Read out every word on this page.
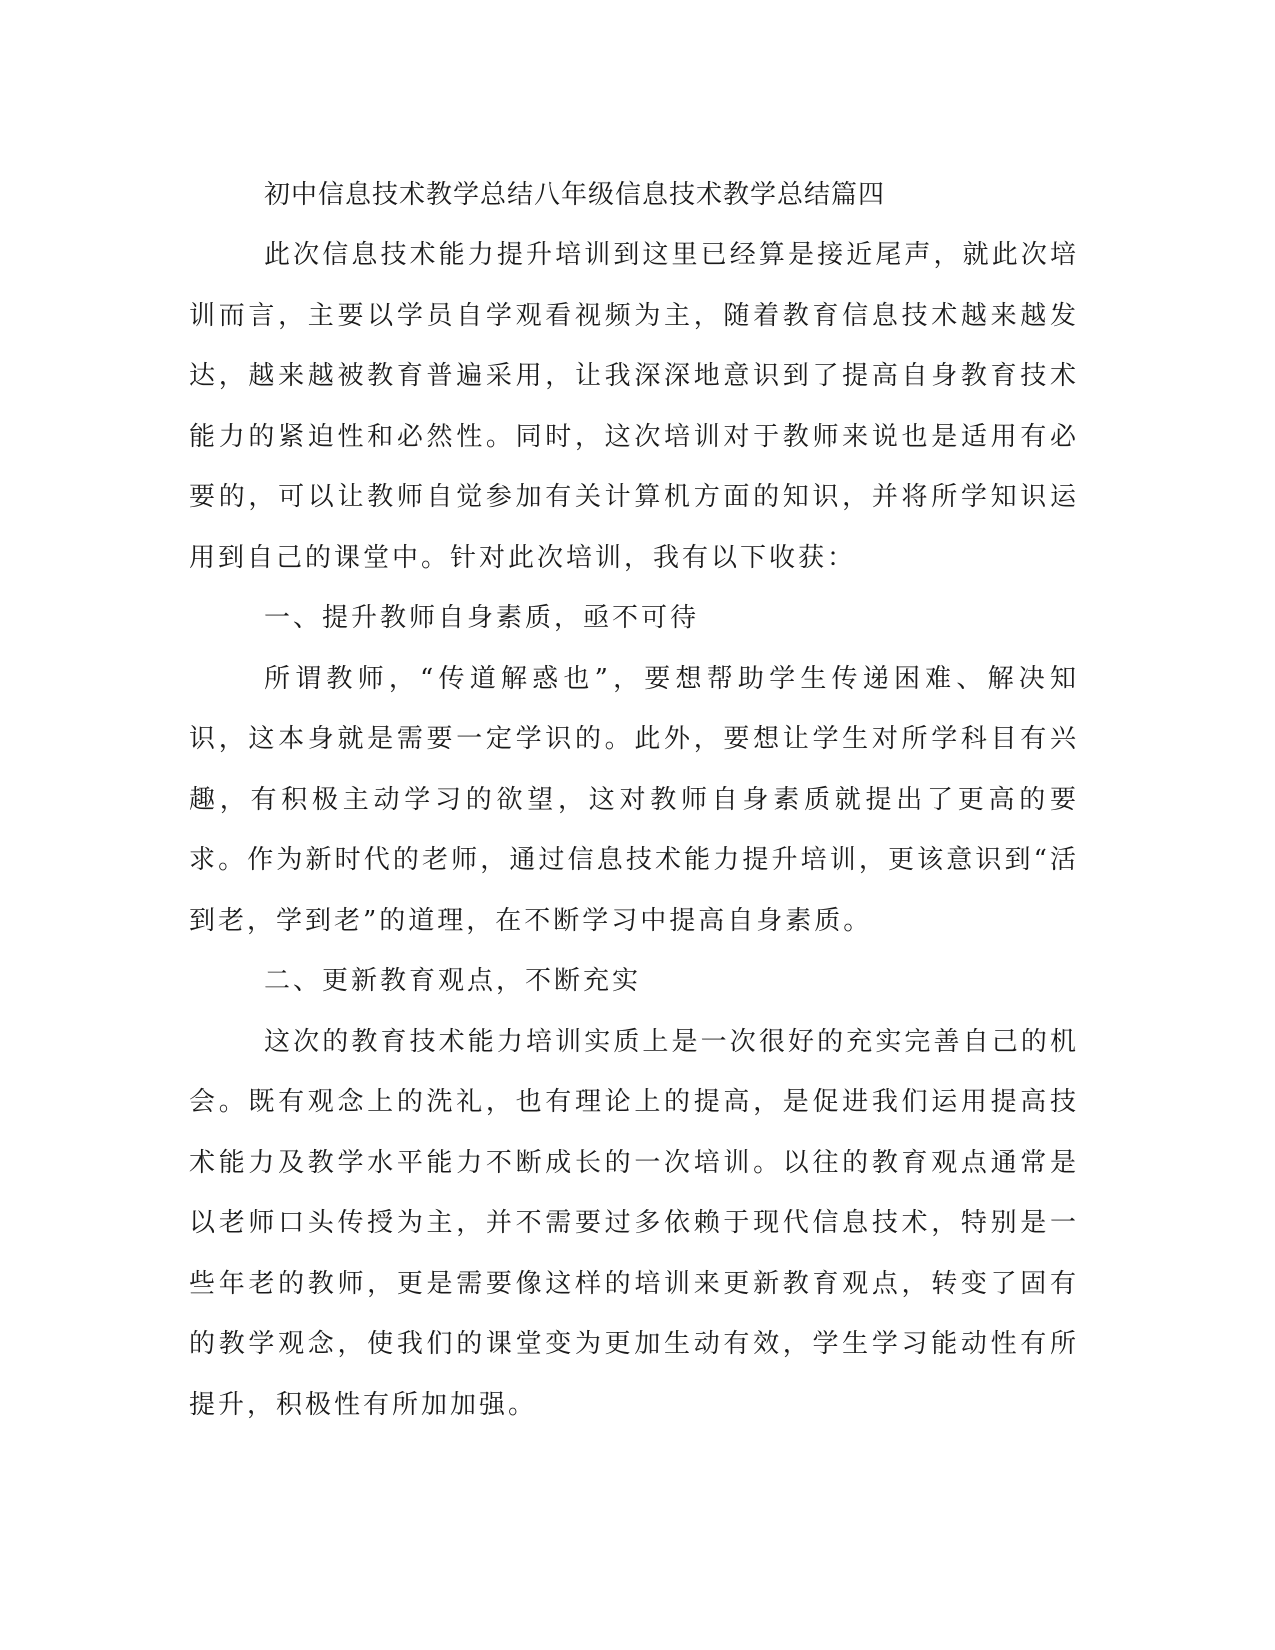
初中信息技术教学总结八年级信息技术教学总结篇四

此次信息技术能力提升培训到这里已经算是接近尾声，就此次培训而言，主要以学员自学观看视频为主，随着教育信息技术越来越发达，越来越被教育普遍采用，让我深深地意识到了提高自身教育技术能力的紧迫性和必然性。同时，这次培训对于教师来说也是适用有必要的，可以让教师自觉参加有关计算机方面的知识，并将所学知识运用到自己的课堂中。针对此次培训，我有以下收获：

一、提升教师自身素质，亟不可待

所谓教师，“传道解惑也”，要想帮助学生传递困难、解决知识，这本身就是需要一定学识的。此外，要想让学生对所学科目有兴趣，有积极主动学习的欲望，这对教师自身素质就提出了更高的要求。作为新时代的老师，通过信息技术能力提升培训，更该意识到“活到老，学到老”的道理，在不断学习中提高自身素质。

二、更新教育观点，不断充实

这次的教育技术能力培训实质上是一次很好的充实完善自己的机会。既有观念上的洗礼，也有理论上的提高，是促进我们运用提高技术能力及教学水平能力不断成长的一次培训。以往的教育观点通常是以老师口头传授为主，并不需要过多依赖于现代信息技术，特别是一些年老的教师，更是需要像这样的培训来更新教育观点，转变了固有的教学观念，使我们的课堂变为更加生动有效，学生学习能动性有所提升，积极性有所加加强。
